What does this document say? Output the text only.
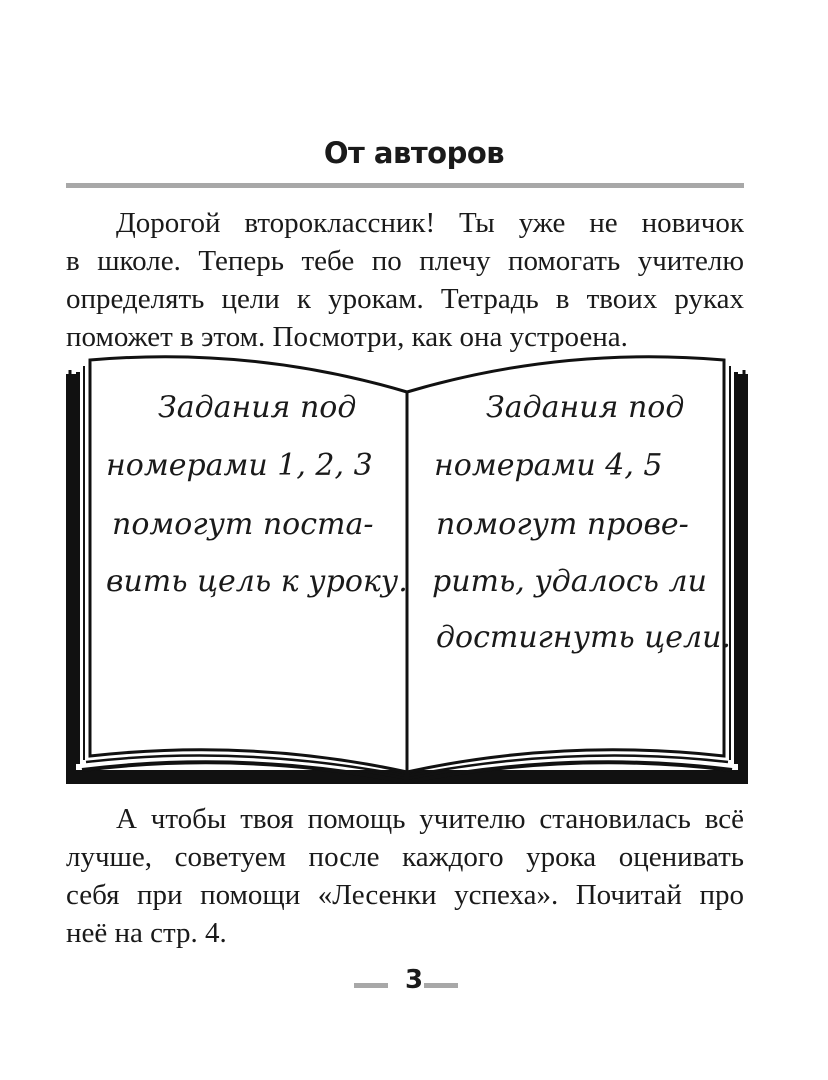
От авторов
Дорогой второклассник! Ты уже не новичок
в школе. Теперь тебе по плечу помогать учителю
определять цели к урокам. Тетрадь в твоих руках
поможет в этом. Посмотри, как она устроена.
Задания под
номерами 1, 2, 3
помогут поста-
вить цель к уроку.
Задания под
номерами 4, 5
помогут прове-
рить, удалось ли
достигнуть цели.
А чтобы твоя помощь учителю становилась всё
лучше, советуем после каждого урока оценивать
себя при помощи «Лесенки успеха». Почитай про
неё на стр. 4.
3
